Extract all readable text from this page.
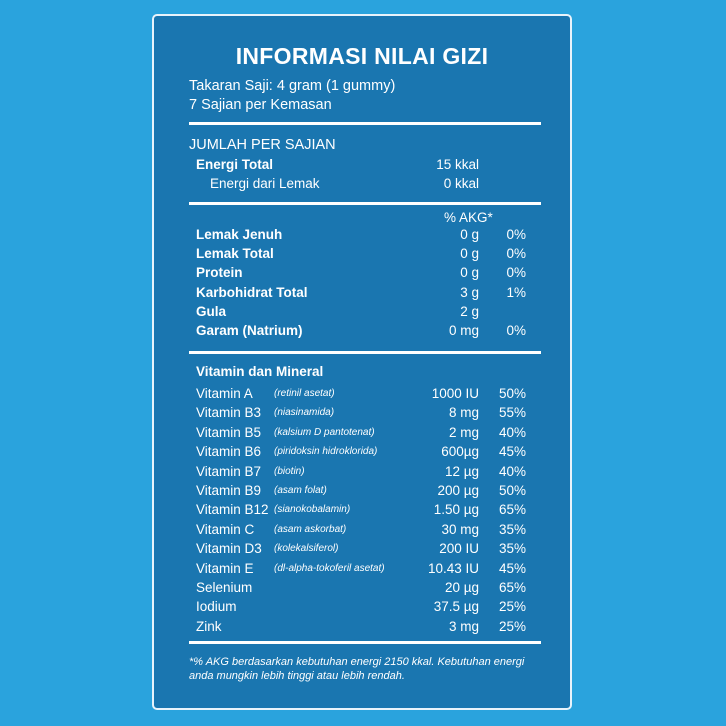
INFORMASI NILAI GIZI
Takaran Saji: 4 gram (1 gummy)
7 Sajian per Kemasan
JUMLAH PER SAJIAN
Energi Total	15 kkal
Energi dari Lemak	0 kkal
% AKG*
Lemak Jenuh	0 g 0%
Lemak Total	0 g 0%
Protein	0 g 0%
Karbohidrat Total	3 g 1%
Gula	2 g
Garam (Natrium)	0 mg 0%
Vitamin dan Mineral
Vitamin A (retinil asetat)	1000 IU 50%
Vitamin B3 (niasinamida)	8 mg 55%
Vitamin B5 (kalsium D pantotenat)	2 mg 40%
Vitamin B6 (piridoksin hidroklorida)	600µg 45%
Vitamin B7 (biotin)	12 µg 40%
Vitamin B9 (asam folat)	200 µg 50%
Vitamin B12 (sianokobalamin)	1.50 µg 65%
Vitamin C (asam askorbat)	30 mg 35%
Vitamin D3 (kolekalsiferol)	200 IU 35%
Vitamin E (dl-alpha-tokoferil asetat)	10.43 IU 45%
Selenium	20 µg 65%
Iodium	37.5 µg 25%
Zink	3 mg 25%
*% AKG berdasarkan kebutuhan energi 2150 kkal. Kebutuhan energi anda mungkin lebih tinggi atau lebih rendah.
